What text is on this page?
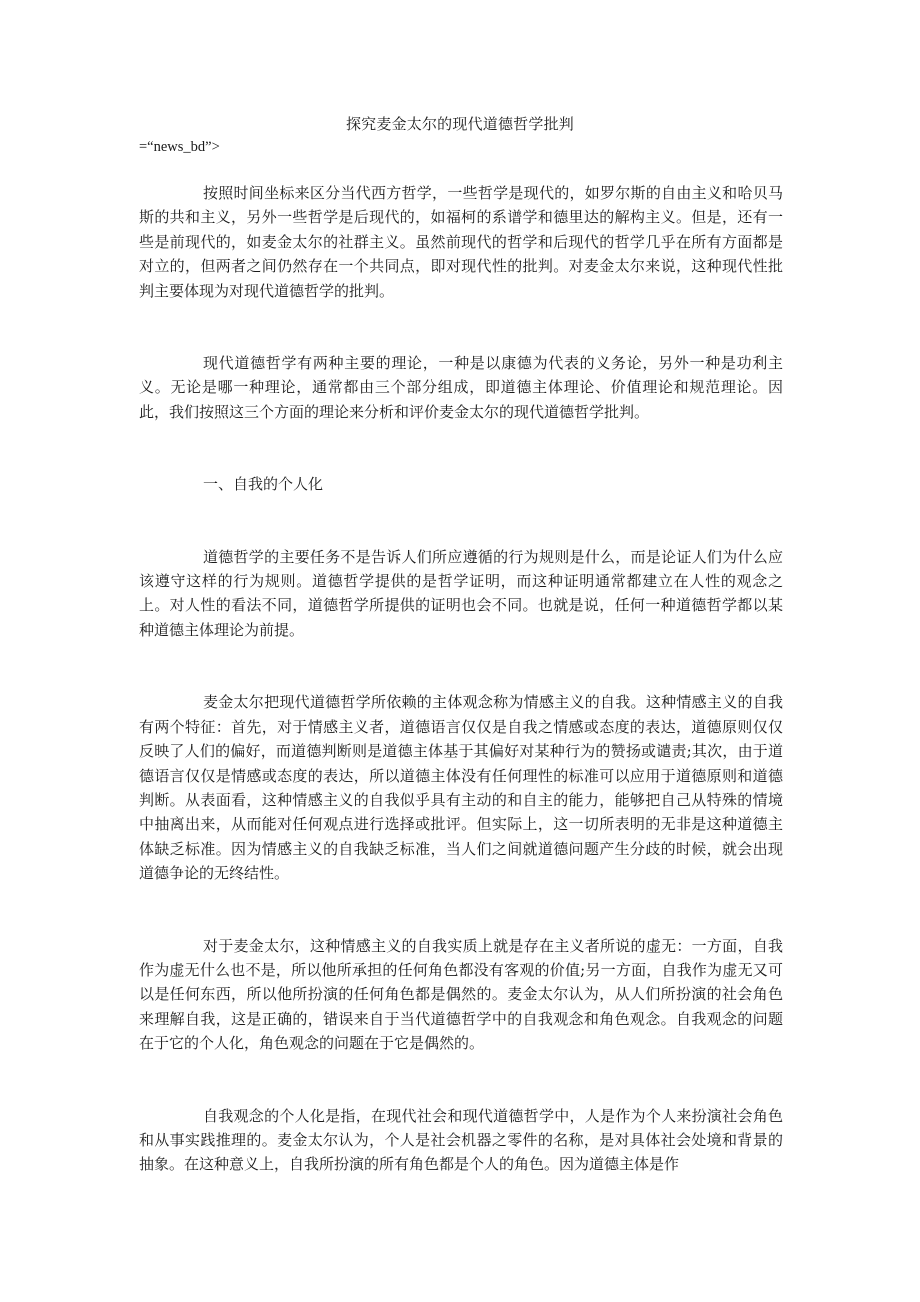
探究麦金太尔的现代道德哲学批判
=“news_bd”>

按照时间坐标来区分当代西方哲学，一些哲学是现代的，如罗尔斯的自由主义和哈贝马斯的共和主义，另外一些哲学是后现代的，如福柯的系谱学和德里达的解构主义。但是，还有一些是前现代的，如麦金太尔的社群主义。虽然前现代的哲学和后现代的哲学几乎在所有方面都是对立的，但两者之间仍然存在一个共同点，即对现代性的批判。对麦金太尔来说，这种现代性批判主要体现为对现代道德哲学的批判。

现代道德哲学有两种主要的理论，一种是以康德为代表的义务论，另外一种是功利主义。无论是哪一种理论，通常都由三个部分组成，即道德主体理论、价值理论和规范理论。因此，我们按照这三个方面的理论来分析和评价麦金太尔的现代道德哲学批判。

一、自我的个人化

道德哲学的主要任务不是告诉人们所应遵循的行为规则是什么，而是论证人们为什么应该遵守这样的行为规则。道德哲学提供的是哲学证明，而这种证明通常都建立在人性的观念之上。对人性的看法不同，道德哲学所提供的证明也会不同。也就是说，任何一种道德哲学都以某种道德主体理论为前提。

麦金太尔把现代道德哲学所依赖的主体观念称为情感主义的自我。这种情感主义的自我有两个特征：首先，对于情感主义者，道德语言仅仅是自我之情感或态度的表达，道德原则仅仅反映了人们的偏好，而道德判断则是道德主体基于其偏好对某种行为的赞扬或谴责;其次，由于道德语言仅仅是情感或态度的表达，所以道德主体没有任何理性的标准可以应用于道德原则和道德判断。从表面看，这种情感主义的自我似乎具有主动的和自主的能力，能够把自己从特殊的情境中抽离出来，从而能对任何观点进行选择或批评。但实际上，这一切所表明的无非是这种道德主体缺乏标准。因为情感主义的自我缺乏标准，当人们之间就道德问题产生分歧的时候，就会出现道德争论的无终结性。

对于麦金太尔，这种情感主义的自我实质上就是存在主义者所说的虚无：一方面，自我作为虚无什么也不是，所以他所承担的任何角色都没有客观的价值;另一方面，自我作为虚无又可以是任何东西，所以他所扮演的任何角色都是偶然的。麦金太尔认为，从人们所扮演的社会角色来理解自我，这是正确的，错误来自于当代道德哲学中的自我观念和角色观念。自我观念的问题在于它的个人化，角色观念的问题在于它是偶然的。

自我观念的个人化是指，在现代社会和现代道德哲学中，人是作为个人来扮演社会角色和从事实践推理的。麦金太尔认为，个人是社会机器之零件的名称，是对具体社会处境和背景的抽象。在这种意义上，自我所扮演的所有角色都是个人的角色。因为道德主体是作
